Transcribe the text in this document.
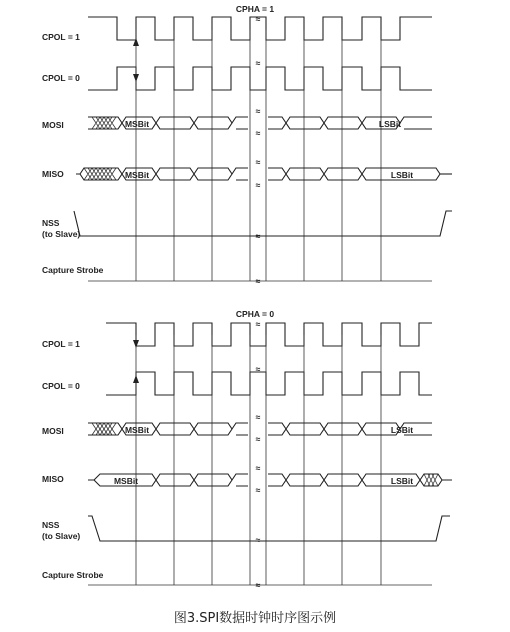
CPHA = 1
CPOL = 1
CPOL = 0
MOSI
MISO
NSS
(to Slave)
Capture Strobe
MSBit	LSBit
MSBit	LSBit
≈
≈
≈
≈
≈
≈
≈
≈
CPHA = 0
CPOL = 1
CPOL = 0
MOSI
MISO
NSS
(to Slave)
Capture Strobe
MSBit	LSBit
MSBit	LSBit
≈
≈
≈
≈
≈
≈
≈
≈
图3.SPI数据时钟时序图示例
